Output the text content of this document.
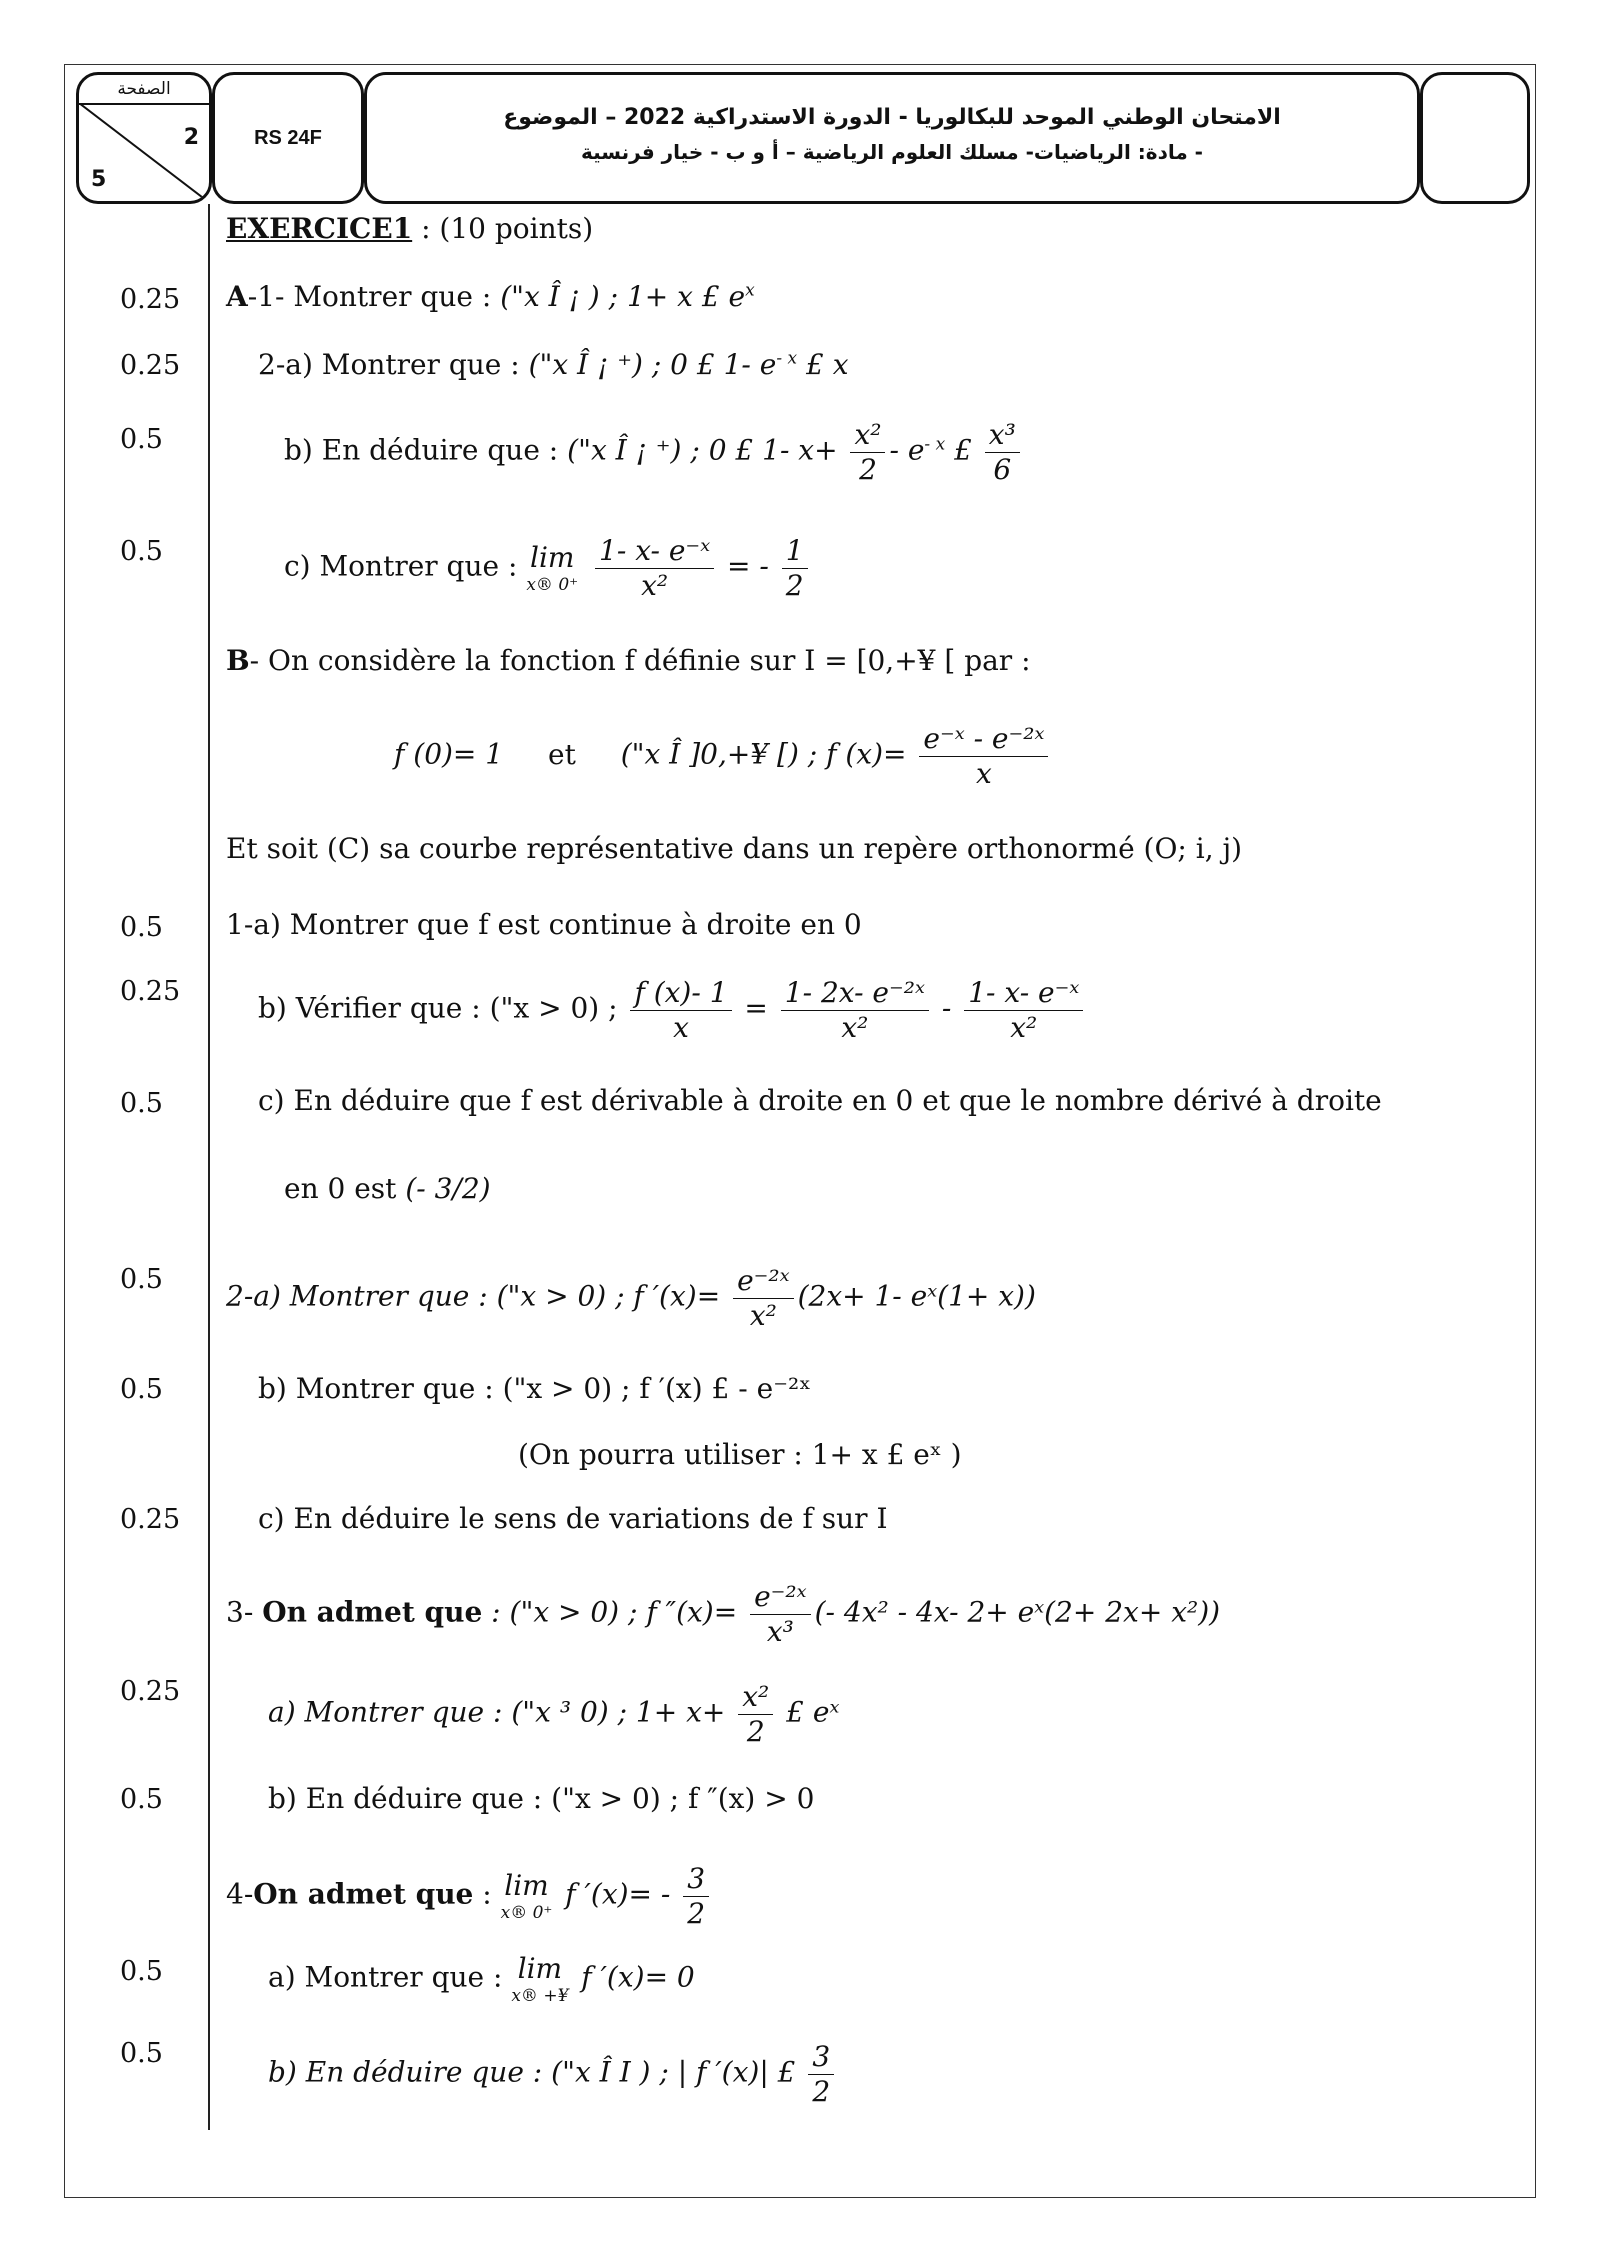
الصفحة
2
5
RS 24F
الامتحان الوطني الموحد للبكالوريا - الدورة الاستدراكية 2022 – الموضوع
- مادة: الرياضيات- مسلك العلوم الرياضية – أ و ب - خيار فرنسية
EXERCICE1 : (10 points)
0.25
0.25
0.5
0.5
0.5
0.25
0.5
0.5
0.5
0.25
0.25
0.5
0.5
0.5
A-1- Montrer que : ("x Î ¡ ) ; 1+ x £ $e^x$
2-a) Montrer que : ("x Î ¡ ⁺) ; 0 £ 1- $e^{- x}$ £ x
b) En déduire que : ("x Î ¡ ⁺) ; 0 £ 1- $x+ \frac{\text{x²}}{2} - e^{- x}$ £ $\frac{\text{x³}}{6}$
c) Montrer que : lim
x® 0⁺
$\frac{\text{1- x- e⁻ˣ}}{\text{x²}}$ = - $\frac{1}{2}$
B- On considère la fonction f définie sur I = [0,+¥ [ par :
f (0)= 1 et ("x Î ]0,+¥ [) ; f $(x)= \frac{\text{e⁻ˣ - e⁻²ˣ}}{x}$
Et soit (C) sa courbe représentative dans un repère orthonormé (O; i, j)
1-a) Montrer que f est continue à droite en 0
b) Vérifier que : ("x > 0) ; $\frac{f (x)- 1}{x} = \frac{\text{1- 2x- e⁻²ˣ}}{\text{x²}} - \frac{\text{1- x- e⁻ˣ}}{\text{x²}}$
c) En déduire que f est dérivable à droite en 0 et que le nombre dérivé à droite
en 0 est (- 3/2)
2-a) Montrer que : ("x > 0) ; f $'(x)= \frac{\text{e⁻²ˣ}}{\text{x²}} (2x+ 1-$ eˣ(1+ x))
b) Montrer que : ("x > 0) ; f ′(x) £ - e⁻²ˣ
(On pourra utiliser : 1+ x £ eˣ )
c) En déduire le sens de variations de f sur I
3- On admet que : ("x > 0) ; f $''(x)= \frac{\text{e⁻²ˣ}}{\text{x³}}$ (- 4x² - 4x- 2+ eˣ(2+ 2x+ x²))
a) Montrer que : ("x ³ 0) ; $1+ x+ \frac{\text{x²}}{2}$ £ eˣ
b) En déduire que : ("x > 0) ; f ″(x) > 0
4-On admet que : lim
x® 0⁺
f $'(x)= - \frac{3}{2}$
a) Montrer que : lim
x® +¥
f ′(x)= 0
b) En déduire que : ("x Î I ) ; | f ′(x)| £ $\frac{3}{2}$
